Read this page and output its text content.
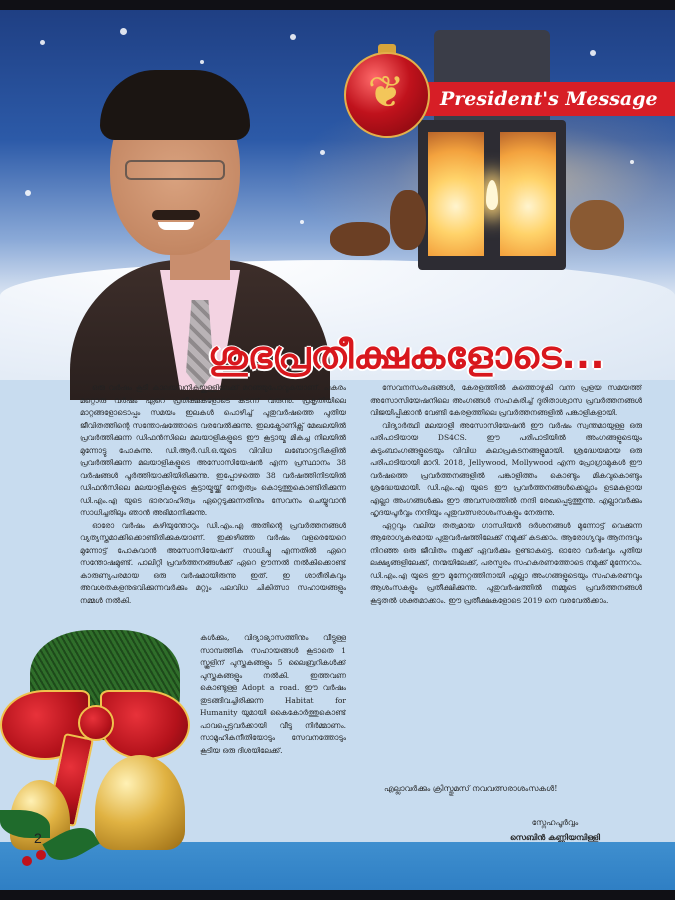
President's Message
❦
ശുഭപ്രതീക്ഷകളോടെ...

ഒരു വർഷം കൂടി കാലയവനികയ്ക്കുള്ളിലേക്ക് മറഞ്ഞുപോവുകയാണ്. പകരം മറ്റൊരു വർഷം ഏറെ പ്രതീക്ഷകളോടെ കടന്ന് വരുന്നു. പ്രകൃതിയിലെ മാറ്റങ്ങളോടൊപ്പം സമയം ഇലകൾ പൊഴിച്ച് പുതുവർഷത്തെ പുതിയ ജീവിതത്തിന്റെ സന്തോഷത്തോടെ വരവേൽക്കുന്നു. ഇലക്ട്രോണിക്സ് മേഖലയിൽ പ്രവർത്തിക്കുന്ന ഡിഫൻസിലെ മലയാളികളുടെ ഈ കൂട്ടായ്മ മികച്ച നിലയിൽ മുന്നോട്ടു പോകുന്നു. ഡി.ആർ.ഡി.ഒ.യുടെ വിവിധ ലബോറട്ടറികളിൽ പ്രവർത്തിക്കുന്ന മലയാളികളുടെ അസോസിയേഷൻ എന്ന പ്രസ്ഥാനം 38 വർഷങ്ങൾ പൂർത്തിയാക്കിയിരിക്കുന്നു. ഇപ്പോഴത്തെ 38 വർഷത്തിനിടയിൽ ഡിഫൻസിലെ മലയാളികളുടെ കൂട്ടായ്മയ്ക്ക് നേതൃത്വം കൊടുത്തുകൊണ്ടിരിക്കുന്ന ഡി.എം.എ യുടെ ഭാരവാഹിത്വം ഏറ്റെടുക്കുന്നതിനും സേവനം ചെയ്യുവാൻ സാധിച്ചതിലും ഞാൻ അഭിമാനിക്കുന്നു.

ഓരോ വർഷം കഴിയുന്തോറും ഡി.എം.എ അതിന്റെ പ്രവർത്തനങ്ങൾ വ്യത്യസ്തമാക്കിക്കൊണ്ടിരിക്കുകയാണ്. ഇക്കഴിഞ്ഞ വർഷം വളരെയേറെ മുന്നോട്ട് പോകുവാൻ അസോസിയേഷന് സാധിച്ചു എന്നതിൽ ഏറെ സന്തോഷമുണ്ട്. പാലിറ്റി പ്രവർത്തനങ്ങൾക്ക് ഏറെ ഊന്നൽ നൽകിക്കൊണ്ട് കാരുണ്യപരമായ ഒരു വർഷമായിരുന്നു ഇത്. ഇ ശാരീരികവും അവശതകളനുഭവിക്കുന്നവർക്കും മറ്റും പലവിധ ചികിത്സാ സഹായങ്ങളും നമ്മൾ നൽകി.

കൾക്കും, വിദ്യാഭ്യാസത്തിനും വീട്ടുള്ള സാമ്പത്തിക സഹായങ്ങൾ കൂടാതെ 1 സ്കൂളിന് പുസ്തകങ്ങളും 5 ലൈബ്രറികൾക്ക് പുസ്തകങ്ങളും നൽകി. ഇത്തവണ കൊണ്ടുള്ള Adopt a road. ഈ വർഷം തുടങ്ങിവച്ചിരിക്കുന്ന Habitat for Humanity യുമായി കൈകോർത്തുകൊണ്ട് പാവപ്പെട്ടവർക്കായി വീടു നിർമ്മാണം. സാമൂഹികനീതിയോടും സേവനത്തോടും കൂടിയ ഒരു ദിശയിലേക്ക്.

സേവനസംരംഭങ്ങൾ, കേരളത്തിൽ കുത്തൊഴുകി വന്ന പ്രളയ സമയത്ത് അസോസിയേഷനിലെ അംഗങ്ങൾ സഹകരിച്ച് ദുരിതാശ്വാസ പ്രവർത്തനങ്ങൾ വിജയിപ്പിക്കാൻ വേണ്ടി കേരളത്തിലെ പ്രവർത്തനങ്ങളിൽ പങ്കാളികളായി.

വിദ്യാർത്ഥി മലയാളി അസോസിയേഷൻ ഈ വർഷം സ്വന്തമായുള്ള ഒരു പരിപാടിയായ DS4CS. ഈ പരിപാടിയിൽ അംഗങ്ങളുടെയും കുടുംബാംഗങ്ങളുടെയും വിവിധ കലാപ്രകടനങ്ങളുമായി. ശ്രദ്ധേയമായ ഒരു പരിപാടിയായി മാറി. 2018, Jellywood, Mollywood എന്ന പ്രോഗ്രാമുകൾ ഈ വർഷത്തെ പ്രവർത്തനങ്ങളിൽ പങ്കാളിത്തം കൊണ്ടും മികവുകൊണ്ടും ശ്രദ്ധേയമായി. ഡി.എം.എ യുടെ ഈ പ്രവർത്തനങ്ങൾക്കെല്ലാം ഉടമകളായ എല്ലാ അംഗങ്ങൾക്കും ഈ അവസരത്തിൽ നന്ദി രേഖപ്പെടുത്തുന്നു. എല്ലാവർക്കും ഹൃദയപൂർവ്വം നന്ദിയും പുതുവത്സരാശംസകളും നേരുന്നു.

ഏറ്റവും വലിയ തത്വമായ ഗാന്ധിയൻ ദർശനങ്ങൾ മുന്നോട്ട് വെക്കുന്ന ആരോഗ്യകരമായ പുതുവർഷത്തിലേക്ക് നമുക്ക് കടക്കാം. ആരോഗ്യവും ആനന്ദവും നിറഞ്ഞ ഒരു ജീവിതം നമുക്ക് ഏവർക്കും ഉണ്ടാകട്ടെ. ഓരോ വർഷവും പുതിയ ലക്ഷ്യങ്ങളിലേക്ക്, നന്മയിലേക്ക്, പരസ്പരം സഹകരണത്തോടെ നമുക്ക് മുന്നേറാം. ഡി.എം.എ യുടെ ഈ മുന്നേറ്റത്തിനായി എല്ലാ അംഗങ്ങളുടെയും സഹകരണവും ആശംസകളും പ്രതീക്ഷിക്കുന്നു. പുതുവർഷത്തിൽ നമ്മുടെ പ്രവർത്തനങ്ങൾ കൂടുതൽ ശക്തമാക്കാം. ഈ പ്രതീക്ഷകളോടെ 2019 നെ വരവേൽക്കാം.

എല്ലാവർക്കും ക്രിസ്തുമസ് നവവത്സരാശംസകൾ!
സ്നേഹപൂർവ്വം
സെബിൻ കണ്ണിയമ്പിള്ളി
2
